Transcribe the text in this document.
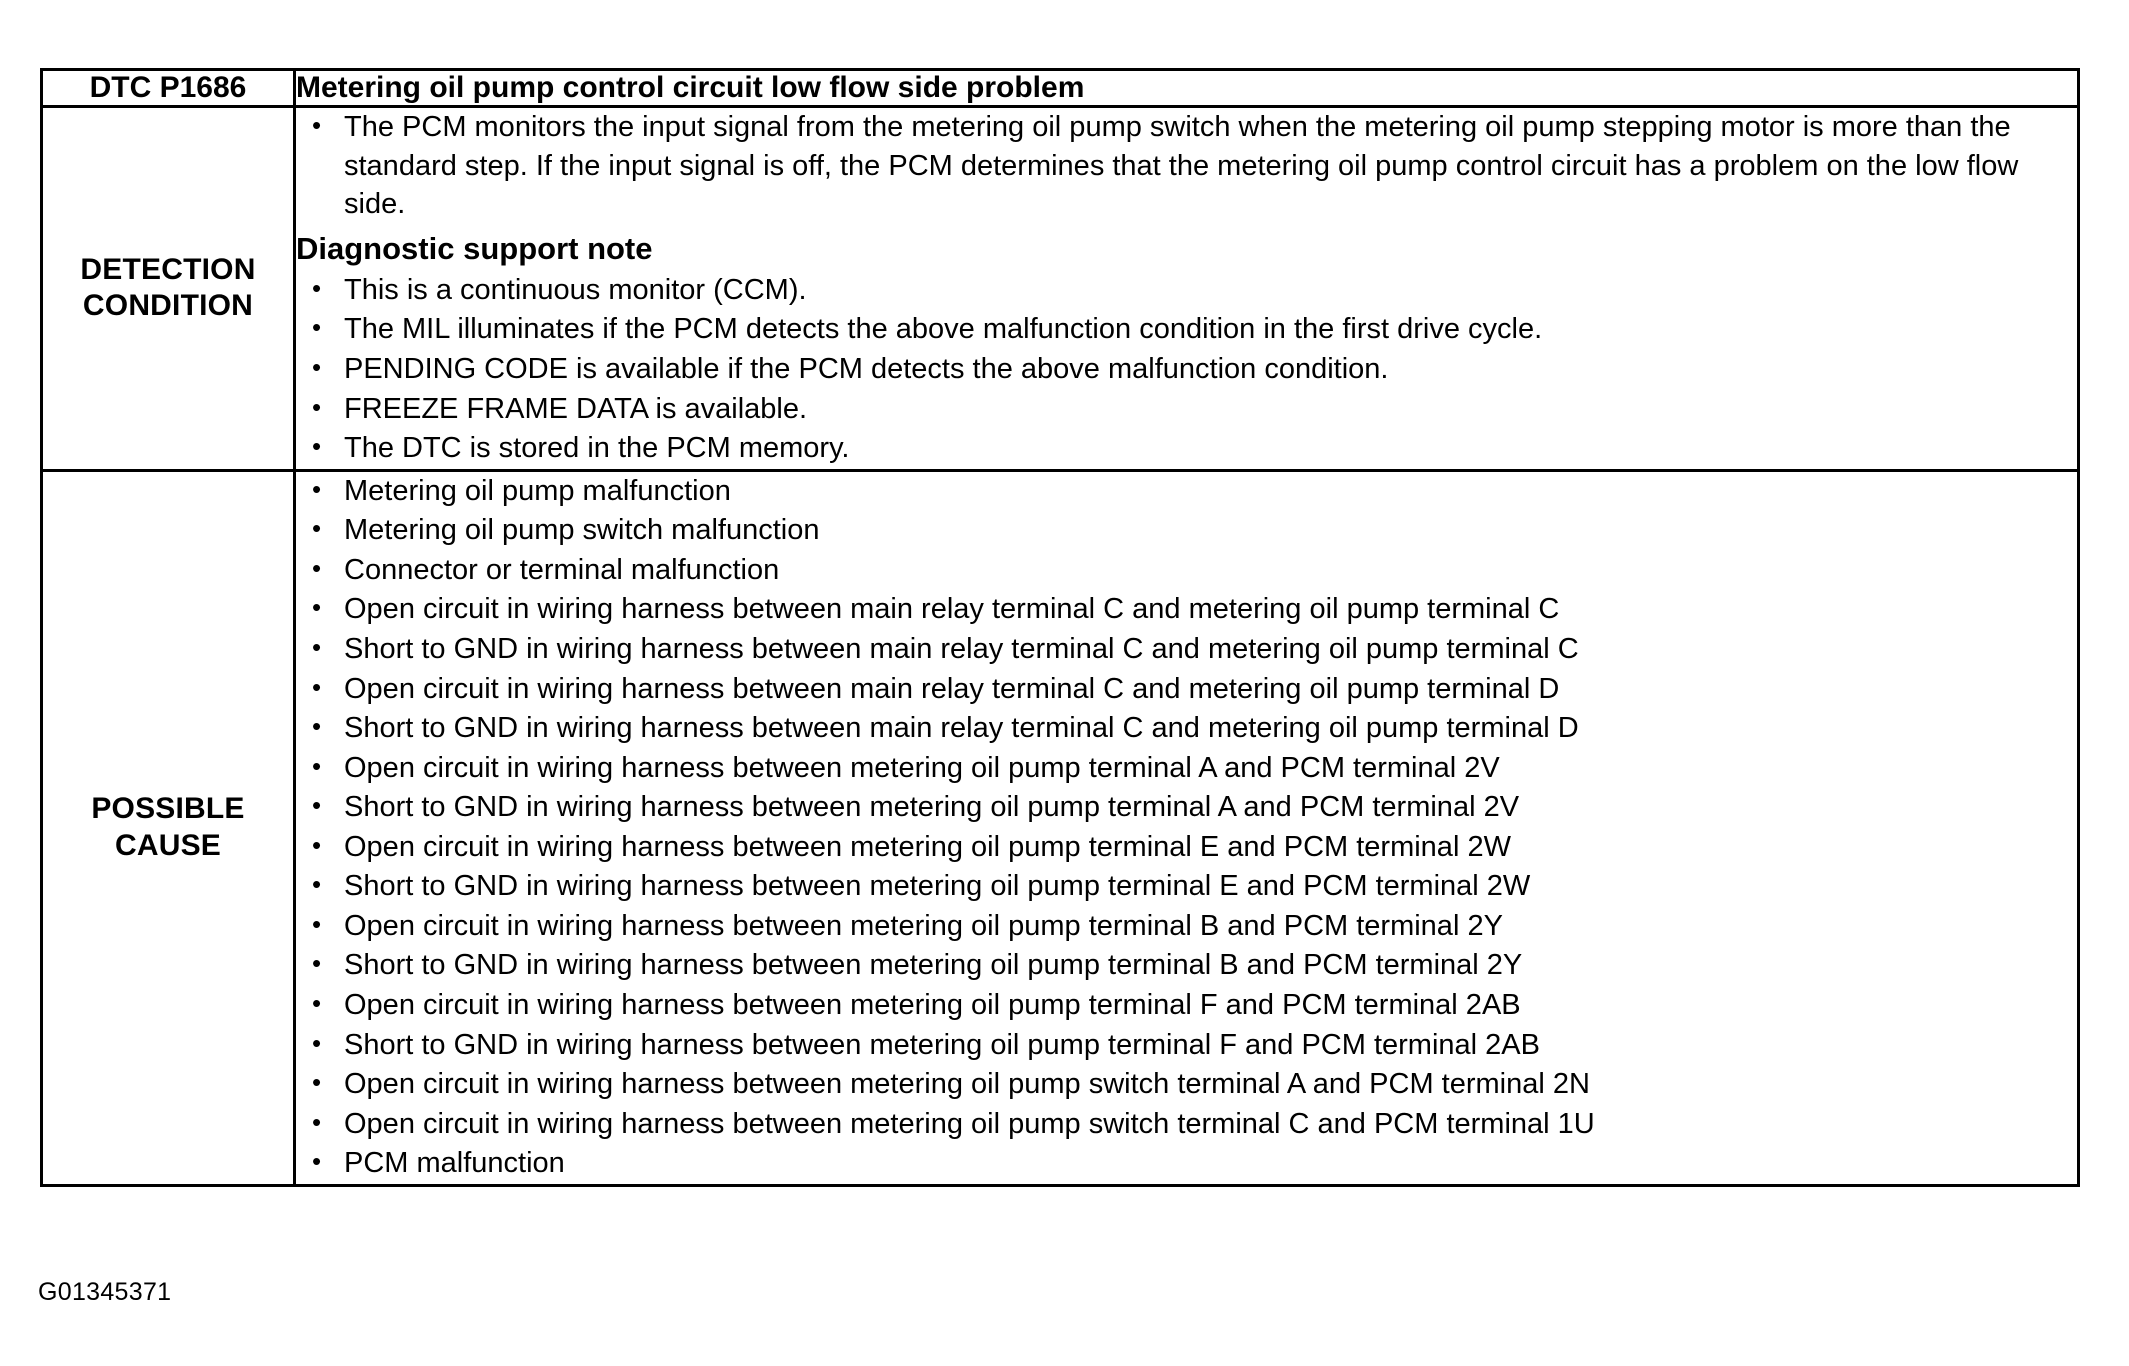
DTC P1686	Metering oil pump control circuit low flow side problem

DETECTION
CONDITION

• The PCM monitors the input signal from the metering oil pump switch when the metering oil pump stepping motor is more than the standard step. If the input signal is off, the PCM determines that the metering oil pump control circuit has a problem on the low flow side.
Diagnostic support note
• This is a continuous monitor (CCM).
• The MIL illuminates if the PCM detects the above malfunction condition in the first drive cycle.
• PENDING CODE is available if the PCM detects the above malfunction condition.
• FREEZE FRAME DATA is available.
• The DTC is stored in the PCM memory.

POSSIBLE
CAUSE

• Metering oil pump malfunction
• Metering oil pump switch malfunction
• Connector or terminal malfunction
• Open circuit in wiring harness between main relay terminal C and metering oil pump terminal C
• Short to GND in wiring harness between main relay terminal C and metering oil pump terminal C
• Open circuit in wiring harness between main relay terminal C and metering oil pump terminal D
• Short to GND in wiring harness between main relay terminal C and metering oil pump terminal D
• Open circuit in wiring harness between metering oil pump terminal A and PCM terminal 2V
• Short to GND in wiring harness between metering oil pump terminal A and PCM terminal 2V
• Open circuit in wiring harness between metering oil pump terminal E and PCM terminal 2W
• Short to GND in wiring harness between metering oil pump terminal E and PCM terminal 2W
• Open circuit in wiring harness between metering oil pump terminal B and PCM terminal 2Y
• Short to GND in wiring harness between metering oil pump terminal B and PCM terminal 2Y
• Open circuit in wiring harness between metering oil pump terminal F and PCM terminal 2AB
• Short to GND in wiring harness between metering oil pump terminal F and PCM terminal 2AB
• Open circuit in wiring harness between metering oil pump switch terminal A and PCM terminal 2N
• Open circuit in wiring harness between metering oil pump switch terminal C and PCM terminal 1U
• PCM malfunction
G01345371
